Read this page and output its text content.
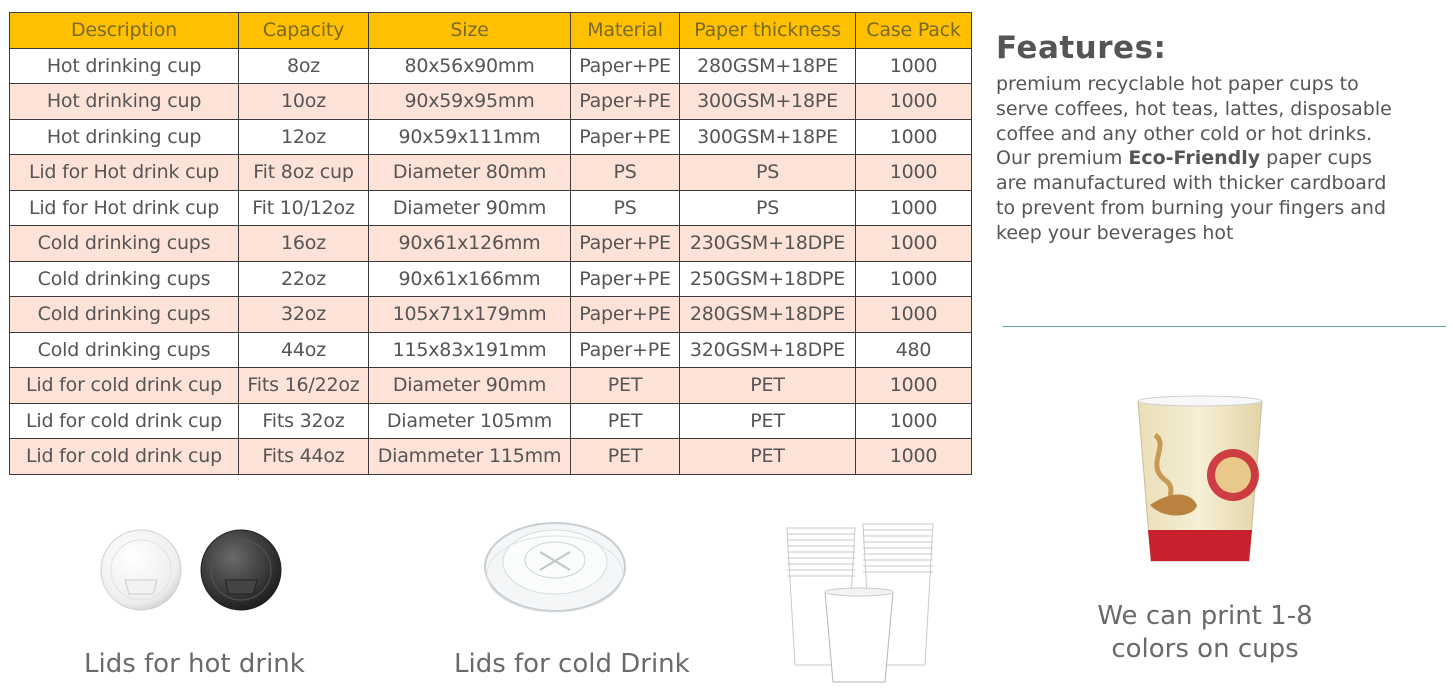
Description	Capacity	Size	Material	Paper thickness	Case Pack
Hot drinking cup	8oz	80x56x90mm	Paper+PE	280GSM+18PE	1000
Hot drinking cup	10oz	90x59x95mm	Paper+PE	300GSM+18PE	1000
Hot drinking cup	12oz	90x59x111mm	Paper+PE	300GSM+18PE	1000
Lid for Hot drink cup	Fit 8oz cup	Diameter 80mm	PS	PS	1000
Lid for Hot drink cup	Fit 10/12oz	Diameter 90mm	PS	PS	1000
Cold drinking cups	16oz	90x61x126mm	Paper+PE	230GSM+18DPE	1000
Cold drinking cups	22oz	90x61x166mm	Paper+PE	250GSM+18DPE	1000
Cold drinking cups	32oz	105x71x179mm	Paper+PE	280GSM+18DPE	1000
Cold drinking cups	44oz	115x83x191mm	Paper+PE	320GSM+18DPE	480
Lid for cold drink cup	Fits 16/22oz	Diameter 90mm	PET	PET	1000
Lid for cold drink cup	Fits 32oz	Diameter 105mm	PET	PET	1000
Lid for cold drink cup	Fits 44oz	Diammeter 115mm	PET	PET	1000
Features:

premium recyclable hot paper cups to serve coffees, hot teas, lattes, disposable coffee and any other cold or hot drinks. Our premium Eco-Friendly paper cups are manufactured with thicker cardboard to prevent from burning your fingers and keep your beverages hot

Lids for hot drink	Lids for cold Drink
We can print 1-8 colors on cups
